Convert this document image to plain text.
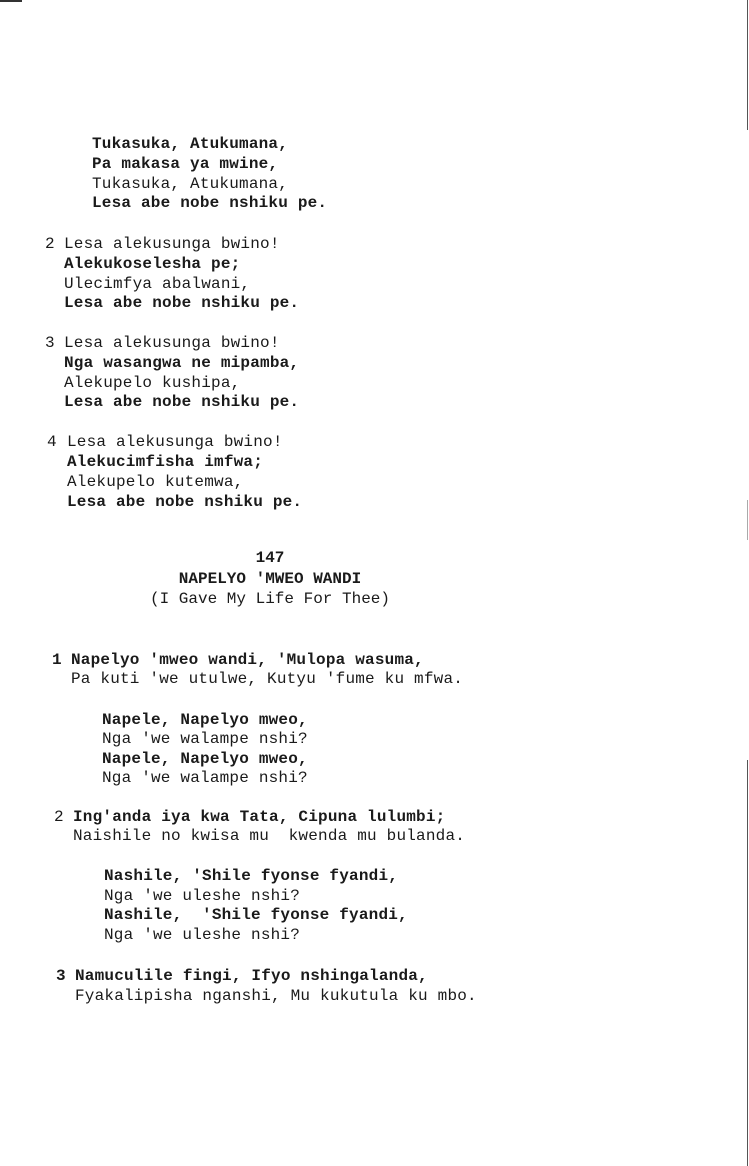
Tukasuka, Atukumana,
Pa makasa ya mwine,
Tukasuka, Atukumana,
Lesa abe nobe nshiku pe.
2 Lesa alekusunga bwino!
Alekukoselesha pe;
Ulecimfya abalwani,
Lesa abe nobe nshiku pe.
3 Lesa alekusunga bwino!
Nga wasangwa ne mipamba,
Alekupelo kushipa,
Lesa abe nobe nshiku pe.
4 Lesa alekusunga bwino!
Alekucimfisha imfwa;
Alekupelo kutemwa,
Lesa abe nobe nshiku pe.
147
NAPELYO 'MWEO WANDI
(I Gave My Life For Thee)
1 Napelyo 'mweo wandi, 'Mulopa wasuma,
Pa kuti 'we utulwe, Kutyu 'fume ku mfwa.
Napele, Napelyo mweo,
Nga 'we walampe nshi?
Napele, Napelyo mweo,
Nga 'we walampe nshi?
2 Ing'anda iya kwa Tata, Cipuna lulumbi;
Naishile no kwisa mu  kwenda mu bulanda.
Nashile, 'Shile fyonse fyandi,
Nga 'we uleshe nshi?
Nashile,  'Shile fyonse fyandi,
Nga 'we uleshe nshi?
3 Namuculile fingi, Ifyo nshingalanda,
Fyakalipisha nganshi, Mu kukutula ku mbo.
